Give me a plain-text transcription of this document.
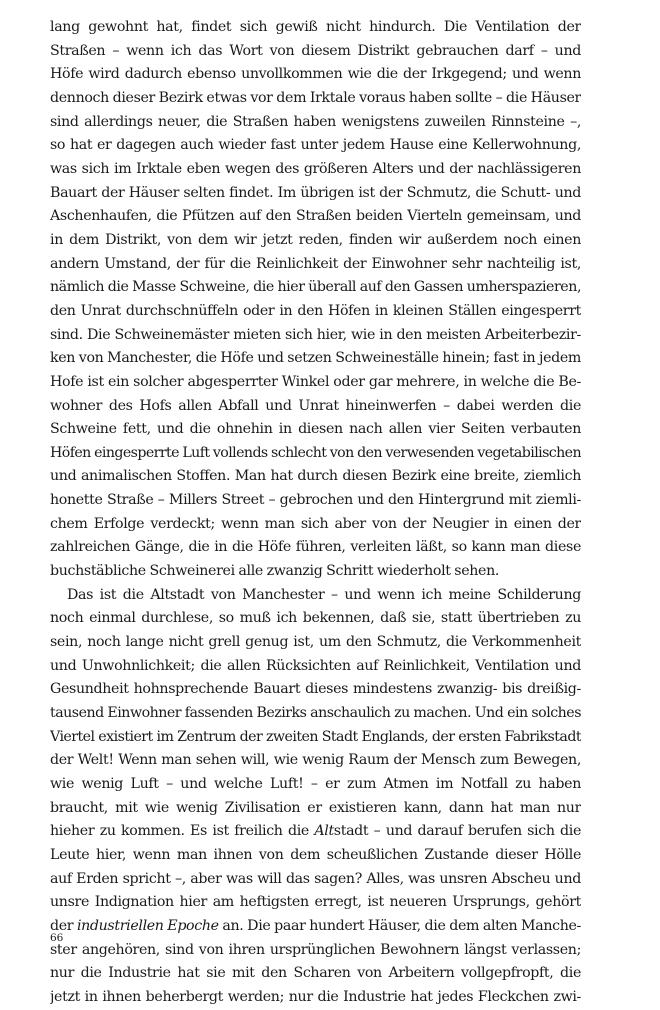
lang gewohnt hat, findet sich gewiß nicht hindurch. Die Ventilation der
Straßen – wenn ich das Wort von diesem Distrikt gebrauchen darf – und
Höfe wird dadurch ebenso unvollkommen wie die der Irkgegend; und wenn
dennoch dieser Bezirk etwas vor dem Irktale voraus haben sollte – die Häuser
sind allerdings neuer, die Straßen haben wenigstens zuweilen Rinnsteine –,
so hat er dagegen auch wieder fast unter jedem Hause eine Kellerwohnung,
was sich im Irktale eben wegen des größeren Alters und der nachlässigeren
Bauart der Häuser selten findet. Im übrigen ist der Schmutz, die Schutt- und
Aschenhaufen, die Pfützen auf den Straßen beiden Vierteln gemeinsam, und
in dem Distrikt, von dem wir jetzt reden, finden wir außerdem noch einen
andern Umstand, der für die Reinlichkeit der Einwohner sehr nachteilig ist,
nämlich die Masse Schweine, die hier überall auf den Gassen umherspazieren,
den Unrat durchschnüffeln oder in den Höfen in kleinen Ställen eingesperrt
sind. Die Schweinemäster mieten sich hier, wie in den meisten Arbeiterbezir-
ken von Manchester, die Höfe und setzen Schweineställe hinein; fast in jedem
Hofe ist ein solcher abgesperrter Winkel oder gar mehrere, in welche die Be-
wohner des Hofs allen Abfall und Unrat hineinwerfen – dabei werden die
Schweine fett, und die ohnehin in diesen nach allen vier Seiten verbauten
Höfen eingesperrte Luft vollends schlecht von den verwesenden vegetabilischen
und animalischen Stoffen. Man hat durch diesen Bezirk eine breite, ziemlich
honette Straße – Millers Street – gebrochen und den Hintergrund mit ziemli-
chem Erfolge verdeckt; wenn man sich aber von der Neugier in einen der
zahlreichen Gänge, die in die Höfe führen, verleiten läßt, so kann man diese
buchstäbliche Schweinerei alle zwanzig Schritt wiederholt sehen.
Das ist die Altstadt von Manchester – und wenn ich meine Schilderung
noch einmal durchlese, so muß ich bekennen, daß sie, statt übertrieben zu
sein, noch lange nicht grell genug ist, um den Schmutz, die Verkommenheit
und Unwohnlichkeit; die allen Rücksichten auf Reinlichkeit, Ventilation und
Gesundheit hohnsprechende Bauart dieses mindestens zwanzig- bis dreißig-
tausend Einwohner fassenden Bezirks anschaulich zu machen. Und ein solches
Viertel existiert im Zentrum der zweiten Stadt Englands, der ersten Fabrikstadt
der Welt! Wenn man sehen will, wie wenig Raum der Mensch zum Bewegen,
wie wenig Luft – und welche Luft! – er zum Atmen im Notfall zu haben
braucht, mit wie wenig Zivilisation er existieren kann, dann hat man nur
hieher zu kommen. Es ist freilich die Altstadt – und darauf berufen sich die
Leute hier, wenn man ihnen von dem scheußlichen Zustande dieser Hölle
auf Erden spricht –, aber was will das sagen? Alles, was unsren Abscheu und
unsre Indignation hier am heftigsten erregt, ist neueren Ursprungs, gehört
der industriellen Epoche an. Die paar hundert Häuser, die dem alten Manche-
ster angehören, sind von ihren ursprünglichen Bewohnern längst verlassen;
nur die Industrie hat sie mit den Scharen von Arbeitern vollgepfropft, die
jetzt in ihnen beherbergt werden; nur die Industrie hat jedes Fleckchen zwi-
66
